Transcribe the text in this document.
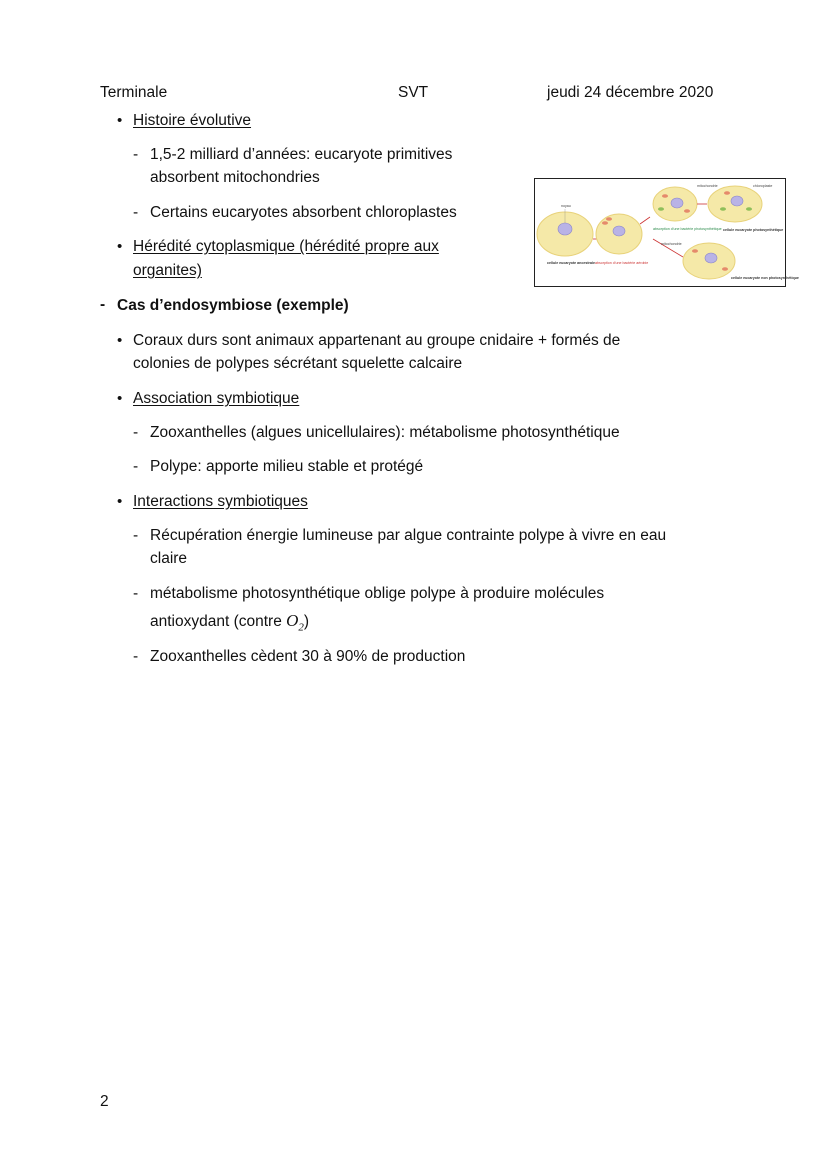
Terminale	SVT	jeudi 24 décembre 2020
• Histoire évolutive
- 1,5-2 milliard d’années: eucaryote primitives
absorbent mitochondries
- Certains eucaryotes absorbent chloroplastes
• Hérédité cytoplasmique (hérédité propre aux
organites)
noyau
cellule eucaryote ancestrale absorption d'une bactérie aérobie
absorption d'une bactérie photosynthétique
mitochondrie	chloroplaste
cellule eucaryote photosynthétique
mitochondrie
cellule eucaryote non photosynthétique
- Cas d’endosymbiose (exemple)
• Coraux durs sont animaux appartenant au groupe cnidaire + formés de
colonies de polypes sécrétant squelette calcaire
• Association symbiotique
- Zooxanthelles (algues unicellulaires): métabolisme photosynthétique
- Polype: apporte milieu stable et protégé
• Interactions symbiotiques
- Récupération énergie lumineuse par algue contrainte polype à vivre en eau
claire
- métabolisme photosynthétique oblige polype à produire molécules
antioxydant (contre $O_2$)
- Zooxanthelles cèdent 30 à 90% de production
2
